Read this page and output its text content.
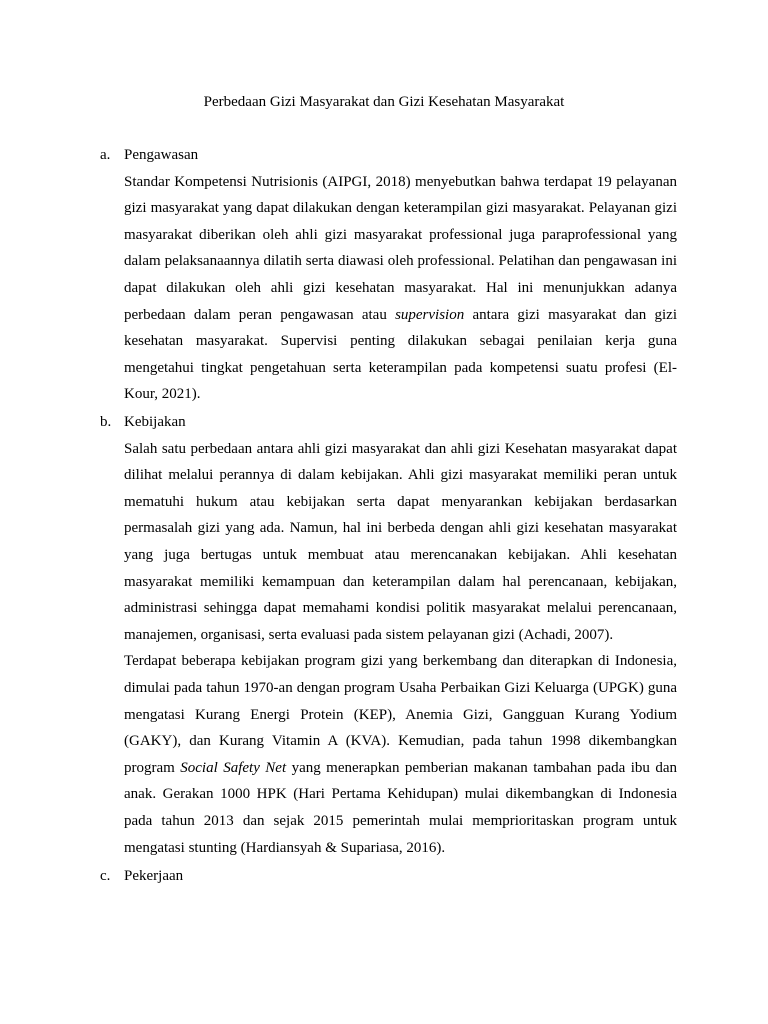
Perbedaan Gizi Masyarakat dan Gizi Kesehatan Masyarakat
a. Pengawasan

Standar Kompetensi Nutrisionis (AIPGI, 2018) menyebutkan bahwa terdapat 19 pelayanan gizi masyarakat yang dapat dilakukan dengan keterampilan gizi masyarakat. Pelayanan gizi masyarakat diberikan oleh ahli gizi masyarakat professional juga paraprofessional yang dalam pelaksanaannya dilatih serta diawasi oleh professional. Pelatihan dan pengawasan ini dapat dilakukan oleh ahli gizi kesehatan masyarakat. Hal ini menunjukkan adanya perbedaan dalam peran pengawasan atau supervision antara gizi masyarakat dan gizi kesehatan masyarakat. Supervisi penting dilakukan sebagai penilaian kerja guna mengetahui tingkat pengetahuan serta keterampilan pada kompetensi suatu profesi (El-Kour, 2021).

b. Kebijakan

Salah satu perbedaan antara ahli gizi masyarakat dan ahli gizi Kesehatan masyarakat dapat dilihat melalui perannya di dalam kebijakan. Ahli gizi masyarakat memiliki peran untuk mematuhi hukum atau kebijakan serta dapat menyarankan kebijakan berdasarkan permasalah gizi yang ada. Namun, hal ini berbeda dengan ahli gizi kesehatan masyarakat yang juga bertugas untuk membuat atau merencanakan kebijakan. Ahli kesehatan masyarakat memiliki kemampuan dan keterampilan dalam hal perencanaan, kebijakan, administrasi sehingga dapat memahami kondisi politik masyarakat melalui perencanaan, manajemen, organisasi, serta evaluasi pada sistem pelayanan gizi (Achadi, 2007).

Terdapat beberapa kebijakan program gizi yang berkembang dan diterapkan di Indonesia, dimulai pada tahun 1970-an dengan program Usaha Perbaikan Gizi Keluarga (UPGK) guna mengatasi Kurang Energi Protein (KEP), Anemia Gizi, Gangguan Kurang Yodium (GAKY), dan Kurang Vitamin A (KVA). Kemudian, pada tahun 1998 dikembangkan program Social Safety Net yang menerapkan pemberian makanan tambahan pada ibu dan anak. Gerakan 1000 HPK (Hari Pertama Kehidupan) mulai dikembangkan di Indonesia pada tahun 2013 dan sejak 2015 pemerintah mulai memprioritaskan program untuk mengatasi stunting (Hardiansyah & Supariasa, 2016).

c. Pekerjaan
